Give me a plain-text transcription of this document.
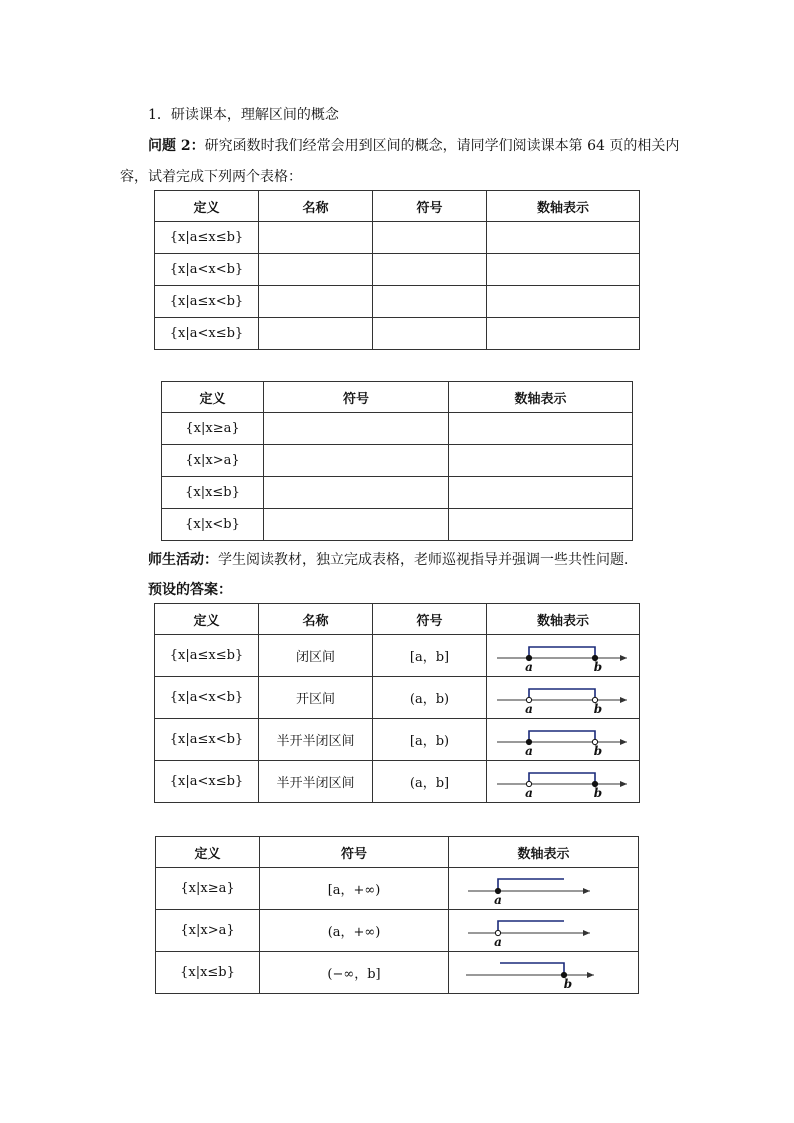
1．研读课本，理解区间的概念
问题 2：研究函数时我们经常会用到区间的概念，请同学们阅读课本第 64 页的相关内
容，试着完成下列两个表格：
定义	名称	符号	数轴表示
{x|a≤x≤b}			
{x|a<x<b}			
{x|a≤x<b}			
{x|a<x≤b}			
定义	符号	数轴表示
{x|x≥a}		
{x|x>a}		
{x|x≤b}		
{x|x<b}		
师生活动：学生阅读教材，独立完成表格，老师巡视指导并强调一些共性问题．
预设的答案：
定义	名称	符号	数轴表示
{x|a≤x≤b}	闭区间	[a，b]	a b

{x|a<x<b}	开区间	(a，b)	a b

{x|a≤x<b}	半开半闭区间	[a，b)	a b

{x|a<x≤b}	半开半闭区间	(a，b]	a b
定义	符号	数轴表示
{x|x≥a}	[a，+∞)	a

{x|x>a}	(a，+∞)	a

{x|x≤b}	(−∞，b]	b
